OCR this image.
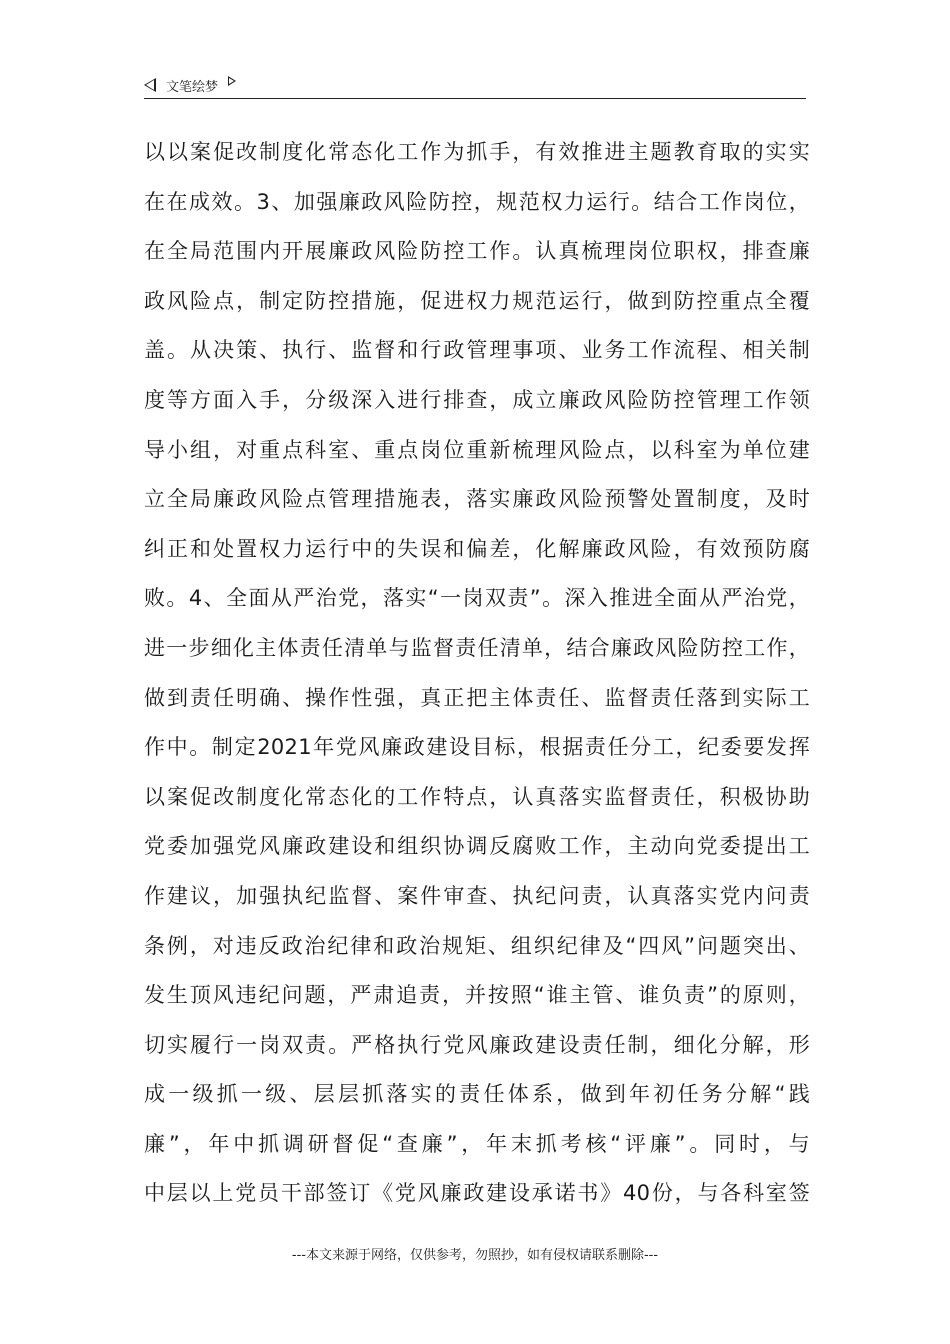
文笔绘梦
以以案促改制度化常态化工作为抓手，有效推进主题教育取的实实
在在成效。3、加强廉政风险防控，规范权力运行。结合工作岗位，
在全局范围内开展廉政风险防控工作。认真梳理岗位职权，排查廉
政风险点，制定防控措施，促进权力规范运行，做到防控重点全覆
盖。从决策、执行、监督和行政管理事项、业务工作流程、相关制
度等方面入手，分级深入进行排查，成立廉政风险防控管理工作领
导小组，对重点科室、重点岗位重新梳理风险点，以科室为单位建
立全局廉政风险点管理措施表，落实廉政风险预警处置制度，及时
纠正和处置权力运行中的失误和偏差，化解廉政风险，有效预防腐
败。4、全面从严治党，落实“一岗双责”。深入推进全面从严治党，
进一步细化主体责任清单与监督责任清单，结合廉政风险防控工作，
做到责任明确、操作性强，真正把主体责任、监督责任落到实际工
作中。制定2021年党风廉政建设目标，根据责任分工，纪委要发挥
以案促改制度化常态化的工作特点，认真落实监督责任，积极协助
党委加强党风廉政建设和组织协调反腐败工作，主动向党委提出工
作建议，加强执纪监督、案件审查、执纪问责，认真落实党内问责
条例，对违反政治纪律和政治规矩、组织纪律及“四风”问题突出、
发生顶风违纪问题，严肃追责，并按照“谁主管、谁负责”的原则，
切实履行一岗双责。严格执行党风廉政建设责任制，细化分解，形
成一级抓一级、层层抓落实的责任体系，做到年初任务分解“践
廉”，年中抓调研督促“查廉”，年末抓考核“评廉”。同时，与
中层以上党员干部签订《党风廉政建设承诺书》40份，与各科室签
---本文来源于网络，仅供参考，勿照抄，如有侵权请联系删除---
